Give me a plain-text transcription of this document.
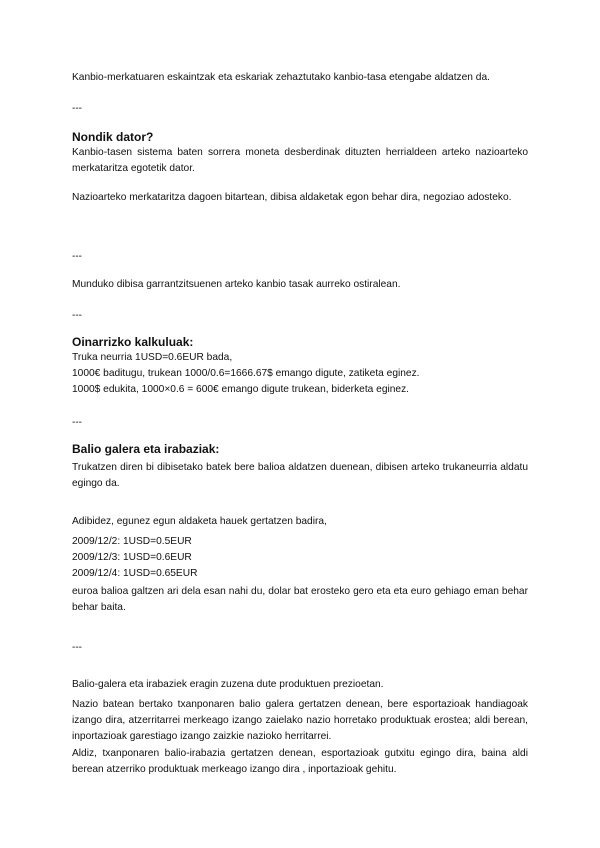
Kanbio-merkatuaren eskaintzak eta eskariak zehaztutako kanbio-tasa etengabe aldatzen da.

---
Nondik dator?

Kanbio-tasen sistema baten sorrera moneta desberdinak dituzten herrialdeen arteko nazioarteko merkataritza egotetik dator.

Nazioarteko merkataritza dagoen bitartean, dibisa aldaketak egon behar dira, negoziao adosteko.

---

Munduko dibisa garrantzitsuenen arteko kanbio tasak aurreko ostiralean.

---
Oinarrizko kalkuluak:
Truka neurria 1USD=0.6EUR bada,
1000€ baditugu, trukean 1000/0.6=1666.67$ emango digute, zatiketa eginez.
1000$ edukita, 1000×0.6 = 600€ emango digute trukean, biderketa eginez.
---
Balio galera eta irabaziak:

Trukatzen diren bi dibisetako batek bere balioa aldatzen duenean, dibisen arteko trukaneurria aldatu egingo da.

Adibidez, egunez egun aldaketa hauek gertatzen badira,

2009/12/2: 1USD=0.5EUR
2009/12/3: 1USD=0.6EUR
2009/12/4: 1USD=0.65EUR

euroa balioa galtzen ari dela esan nahi du, dolar bat erosteko gero eta eta euro gehiago eman behar behar baita.

---

Balio-galera eta irabaziek eragin zuzena dute produktuen prezioetan.

Nazio batean bertako txanponaren balio galera gertatzen denean, bere esportazioak handiagoak izango dira, atzerritarrei merkeago izango zaielako nazio horretako produktuak erostea; aldi berean, inportazioak garestiago izango zaizkie nazioko herritarrei.

Aldiz, txanponaren balio-irabazia gertatzen denean, esportazioak gutxitu egingo dira, baina aldi berean atzerriko produktuak merkeago izango dira , inportazioak gehitu.
